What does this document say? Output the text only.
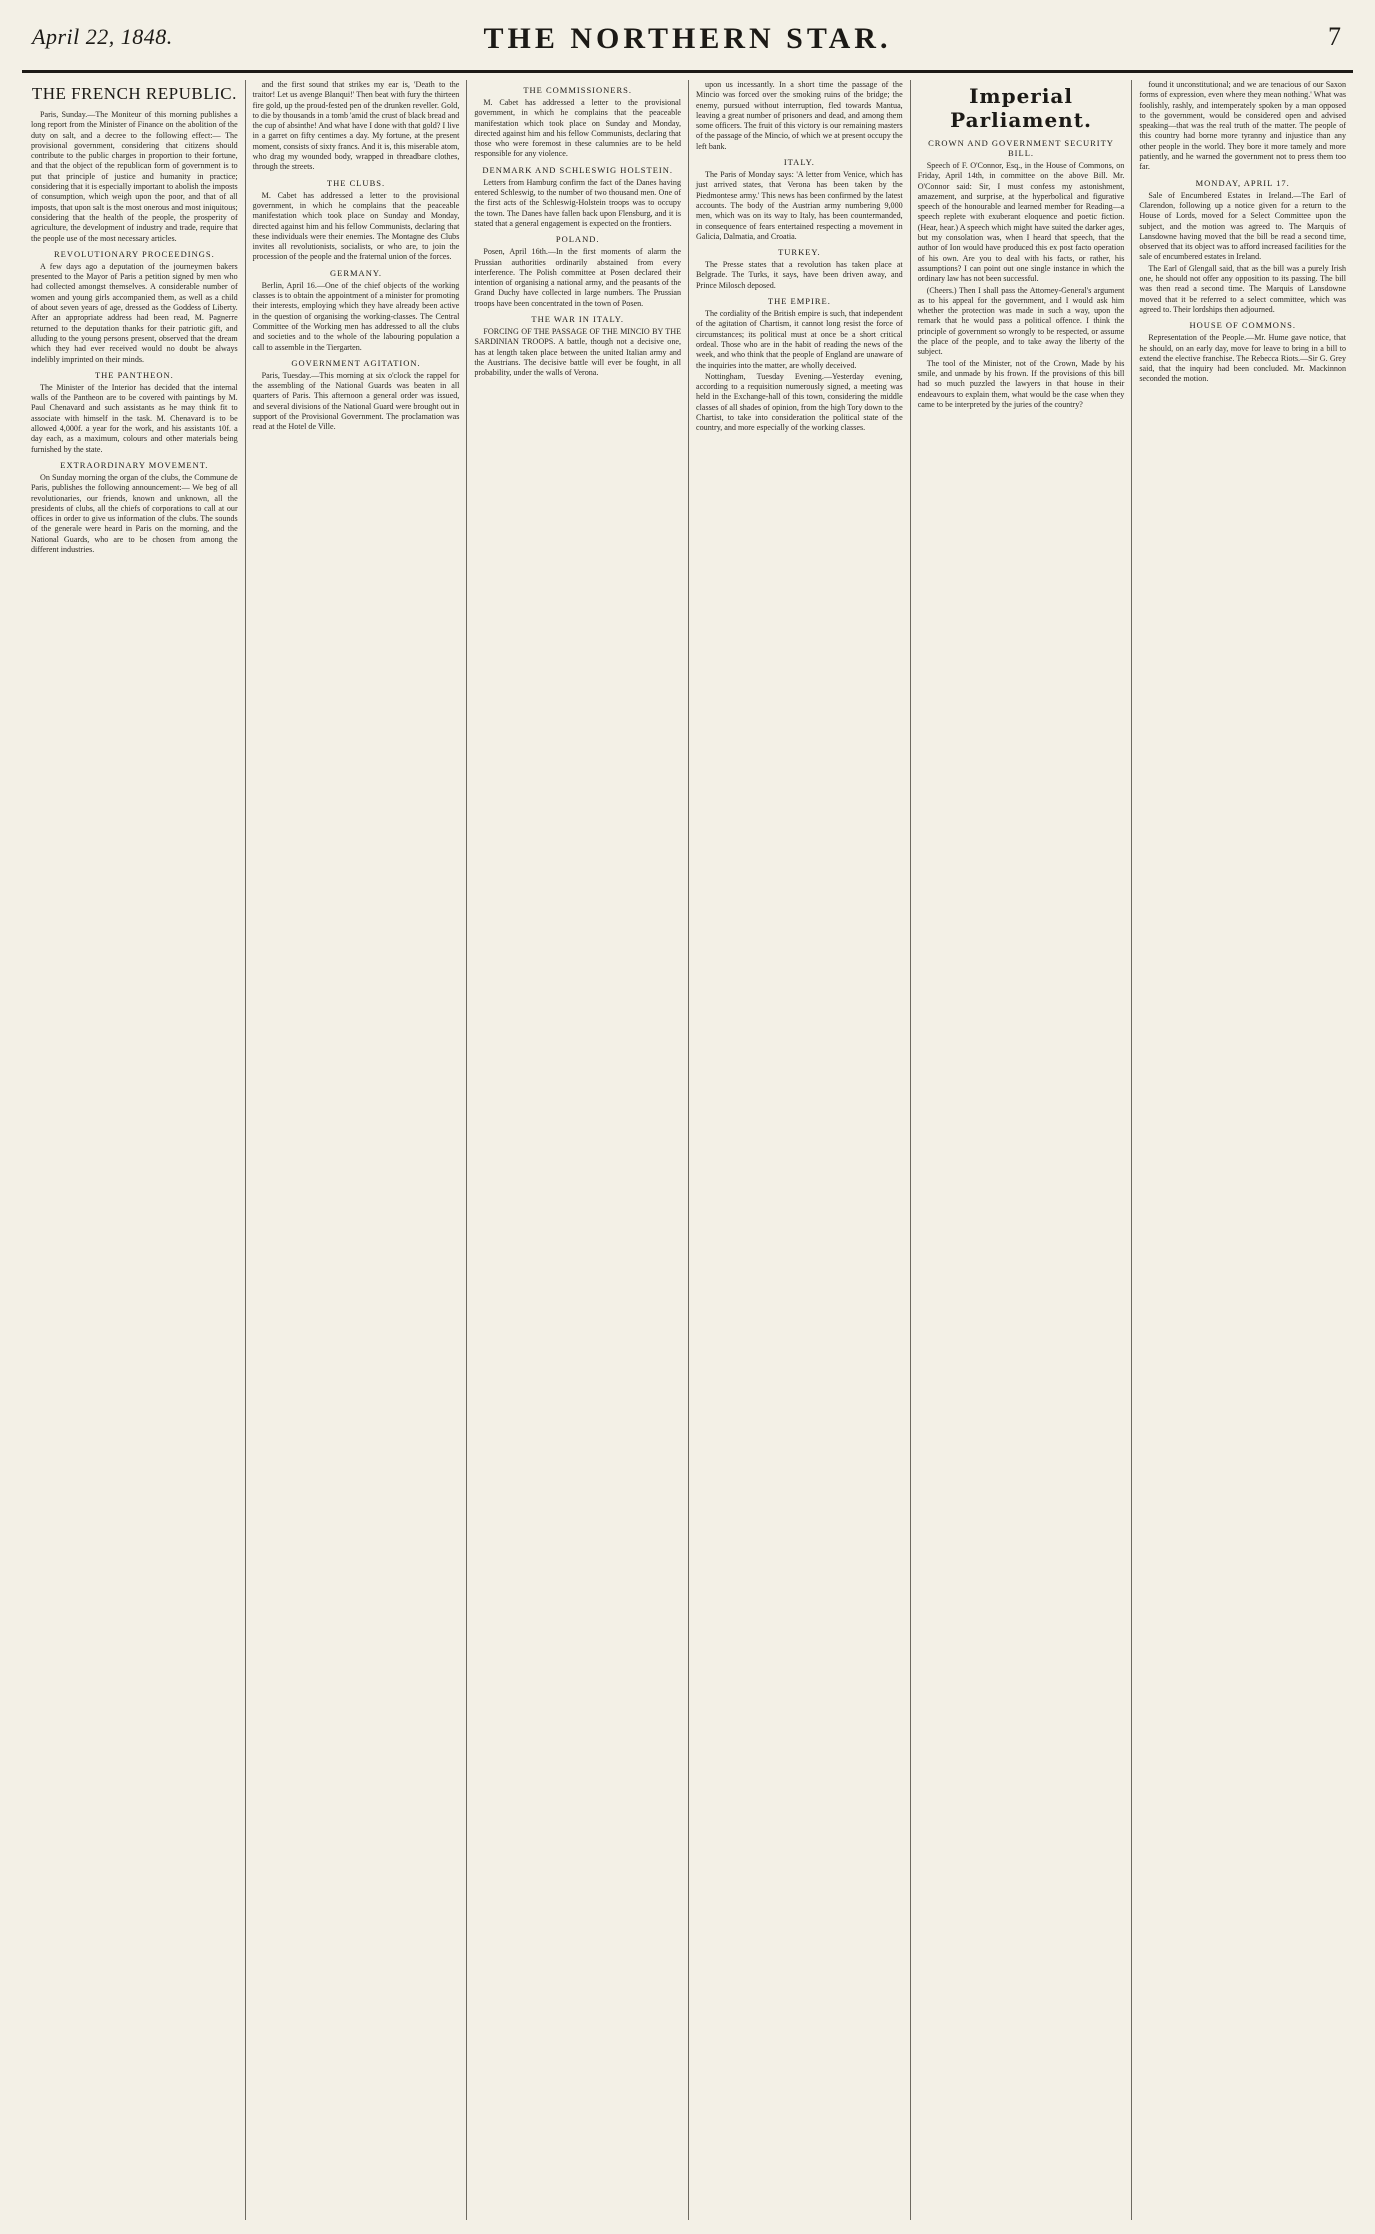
April 22, 1848.	THE NORTHERN STAR.	7
THE FRENCH REPUBLIC.

Paris, Sunday.—The Moniteur of this morning publishes a long report from the Minister of Finance on the abolition of the duty on salt, and a decree to the following effect:— The provisional government, considering that citizens should contribute to the public charges in proportion to their fortune, and that the object of the republican form of government is to put that principle of justice and humanity in practice; considering that it is especially important to abolish the imposts of consumption, which weigh upon the poor, and that of all imposts, that upon salt is the most onerous and most iniquitous; considering that the health of the people, the prosperity of agriculture, the development of industry and trade, require that the people use of the most necessary articles.

REVOLUTIONARY PROCEEDINGS.

A few days ago a deputation of the journeymen bakers presented to the Mayor of Paris a petition signed by men who had collected amongst themselves. A considerable number of women and young girls accompanied them, as well as a child of about seven years of age, dressed as the Goddess of Liberty. After an appropriate address had been read, M. Pagnerre returned to the deputation thanks for their patriotic gift, and alluding to the young persons present, observed that the dream which they had ever received would no doubt be always indelibly imprinted on their minds.

THE PANTHEON.

The Minister of the Interior has decided that the internal walls of the Pantheon are to be covered with paintings by M. Paul Chenavard and such assistants as he may think fit to associate with himself in the task. M. Chenavard is to be allowed 4,000f. a year for the work, and his assistants 10f. a day each, as a maximum, colours and other materials being furnished by the state.

EXTRAORDINARY MOVEMENT.

On Sunday morning the organ of the clubs, the Commune de Paris, publishes the following announcement:— We beg of all revolutionaries, our friends, known and unknown, all the presidents of clubs, all the chiefs of corporations to call at our offices in order to give us information of the clubs. The sounds of the generale were heard in Paris on the morning, and the National Guards, who are to be chosen from among the different industries.

and the first sound that strikes my ear is, 'Death to the traitor! Let us avenge Blanqui!' Then beat with fury the thirteen fire gold, up the proud-fested pen of the drunken reveller. Gold, to die by thousands in a tomb 'amid the crust of black bread and the cup of absinthe! And what have I done with that gold? I live in a garret on fifty centimes a day. My fortune, at the present moment, consists of sixty francs. And it is, this miserable atom, who drag my wounded body, wrapped in threadbare clothes, through the streets.

THE CLUBS.

M. Cabet has addressed a letter to the provisional government, in which he complains that the peaceable manifestation which took place on Sunday and Monday, directed against him and his fellow Communists, declaring that these individuals were their enemies. The Montagne des Clubs invites all revolutionists, socialists, or who are, to join the procession of the people and the fraternal union of the forces.

GERMANY.

Berlin, April 16.—One of the chief objects of the working classes is to obtain the appointment of a minister for promoting their interests, employing which they have already been active in the question of organising the working-classes. The Central Committee of the Working men has addressed to all the clubs and societies and to the whole of the labouring population a call to assemble in the Tiergarten.

GOVERNMENT AGITATION.

Paris, Tuesday.—This morning at six o'clock the rappel for the assembling of the National Guards was beaten in all quarters of Paris. This afternoon a general order was issued, and several divisions of the National Guard were brought out in support of the Provisional Government. The proclamation was read at the Hotel de Ville.

THE COMMISSIONERS.

M. Cabet has addressed a letter to the provisional government, in which he complains that the peaceable manifestation which took place on Sunday and Monday, directed against him and his fellow Communists, declaring that those who were foremost in these calumnies are to be held responsible for any violence.

DENMARK AND SCHLESWIG HOLSTEIN.

Letters from Hamburg confirm the fact of the Danes having entered Schleswig, to the number of two thousand men. One of the first acts of the Schleswig-Holstein troops was to occupy the town. The Danes have fallen back upon Flensburg, and it is stated that a general engagement is expected on the frontiers.

POLAND.

Posen, April 16th.—In the first moments of alarm the Prussian authorities ordinarily abstained from every interference. The Polish committee at Posen declared their intention of organising a national army, and the peasants of the Grand Duchy have collected in large numbers. The Prussian troops have been concentrated in the town of Posen.

THE WAR IN ITALY.

FORCING OF THE PASSAGE OF THE MINCIO BY THE SARDINIAN TROOPS. A battle, though not a decisive one, has at length taken place between the united Italian army and the Austrians. The decisive battle will ever be fought, in all probability, under the walls of Verona.

upon us incessantly. In a short time the passage of the Mincio was forced over the smoking ruins of the bridge; the enemy, pursued without interruption, fled towards Mantua, leaving a great number of prisoners and dead, and among them some officers. The fruit of this victory is our remaining masters of the passage of the Mincio, of which we at present occupy the left bank.

ITALY.

The Paris of Monday says: 'A letter from Venice, which has just arrived states, that Verona has been taken by the Piedmontese army.' This news has been confirmed by the latest accounts. The body of the Austrian army numbering 9,000 men, which was on its way to Italy, has been countermanded, in consequence of fears entertained respecting a movement in Galicia, Dalmatia, and Croatia.

TURKEY.

The Presse states that a revolution has taken place at Belgrade. The Turks, it says, have been driven away, and Prince Milosch deposed.

THE EMPIRE.

The cordiality of the British empire is such, that independent of the agitation of Chartism, it cannot long resist the force of circumstances; its political must at once be a short critical ordeal. Those who are in the habit of reading the news of the week, and who think that the people of England are unaware of the inquiries into the matter, are wholly deceived.

Nottingham, Tuesday Evening.—Yesterday evening, according to a requisition numerously signed, a meeting was held in the Exchange-hall of this town, considering the middle classes of all shades of opinion, from the high Tory down to the Chartist, to take into consideration the political state of the country, and more especially of the working classes.

Imperial Parliament.
CROWN AND GOVERNMENT SECURITY BILL.

Speech of F. O'Connor, Esq., in the House of Commons, on Friday, April 14th, in committee on the above Bill. Mr. O'Connor said: Sir, I must confess my astonishment, amazement, and surprise, at the hyperbolical and figurative speech of the honourable and learned member for Reading—a speech replete with exuberant eloquence and poetic fiction. (Hear, hear.) A speech which might have suited the darker ages, but my consolation was, when I heard that speech, that the author of Ion would have produced this ex post facto operation of his own. Are you to deal with his facts, or rather, his assumptions? I can point out one single instance in which the ordinary law has not been successful.

(Cheers.) Then I shall pass the Attorney-General's argument as to his appeal for the government, and I would ask him whether the protection was made in such a way, upon the remark that he would pass a political offence. I think the principle of government so wrongly to be respected, or assume the place of the people, and to take away the liberty of the subject.

The tool of the Minister, not of the Crown, Made by his smile, and unmade by his frown. If the provisions of this bill had so much puzzled the lawyers in that house in their endeavours to explain them, what would be the case when they came to be interpreted by the juries of the country?

found it unconstitutional; and we are tenacious of our Saxon forms of expression, even where they mean nothing.' What was foolishly, rashly, and intemperately spoken by a man opposed to the government, would be considered open and advised speaking—that was the real truth of the matter. The people of this country had borne more tyranny and injustice than any other people in the world. They bore it more tamely and more patiently, and he warned the government not to press them too far.

MONDAY, APRIL 17.

Sale of Encumbered Estates in Ireland.—The Earl of Clarendon, following up a notice given for a return to the House of Lords, moved for a Select Committee upon the subject, and the motion was agreed to. The Marquis of Lansdowne having moved that the bill be read a second time, observed that its object was to afford increased facilities for the sale of encumbered estates in Ireland.

The Earl of Glengall said, that as the bill was a purely Irish one, he should not offer any opposition to its passing. The bill was then read a second time. The Marquis of Lansdowne moved that it be referred to a select committee, which was agreed to. Their lordships then adjourned.

HOUSE OF COMMONS.

Representation of the People.—Mr. Hume gave notice, that he should, on an early day, move for leave to bring in a bill to extend the elective franchise. The Rebecca Riots.—Sir G. Grey said, that the inquiry had been concluded. Mr. Mackinnon seconded the motion.
